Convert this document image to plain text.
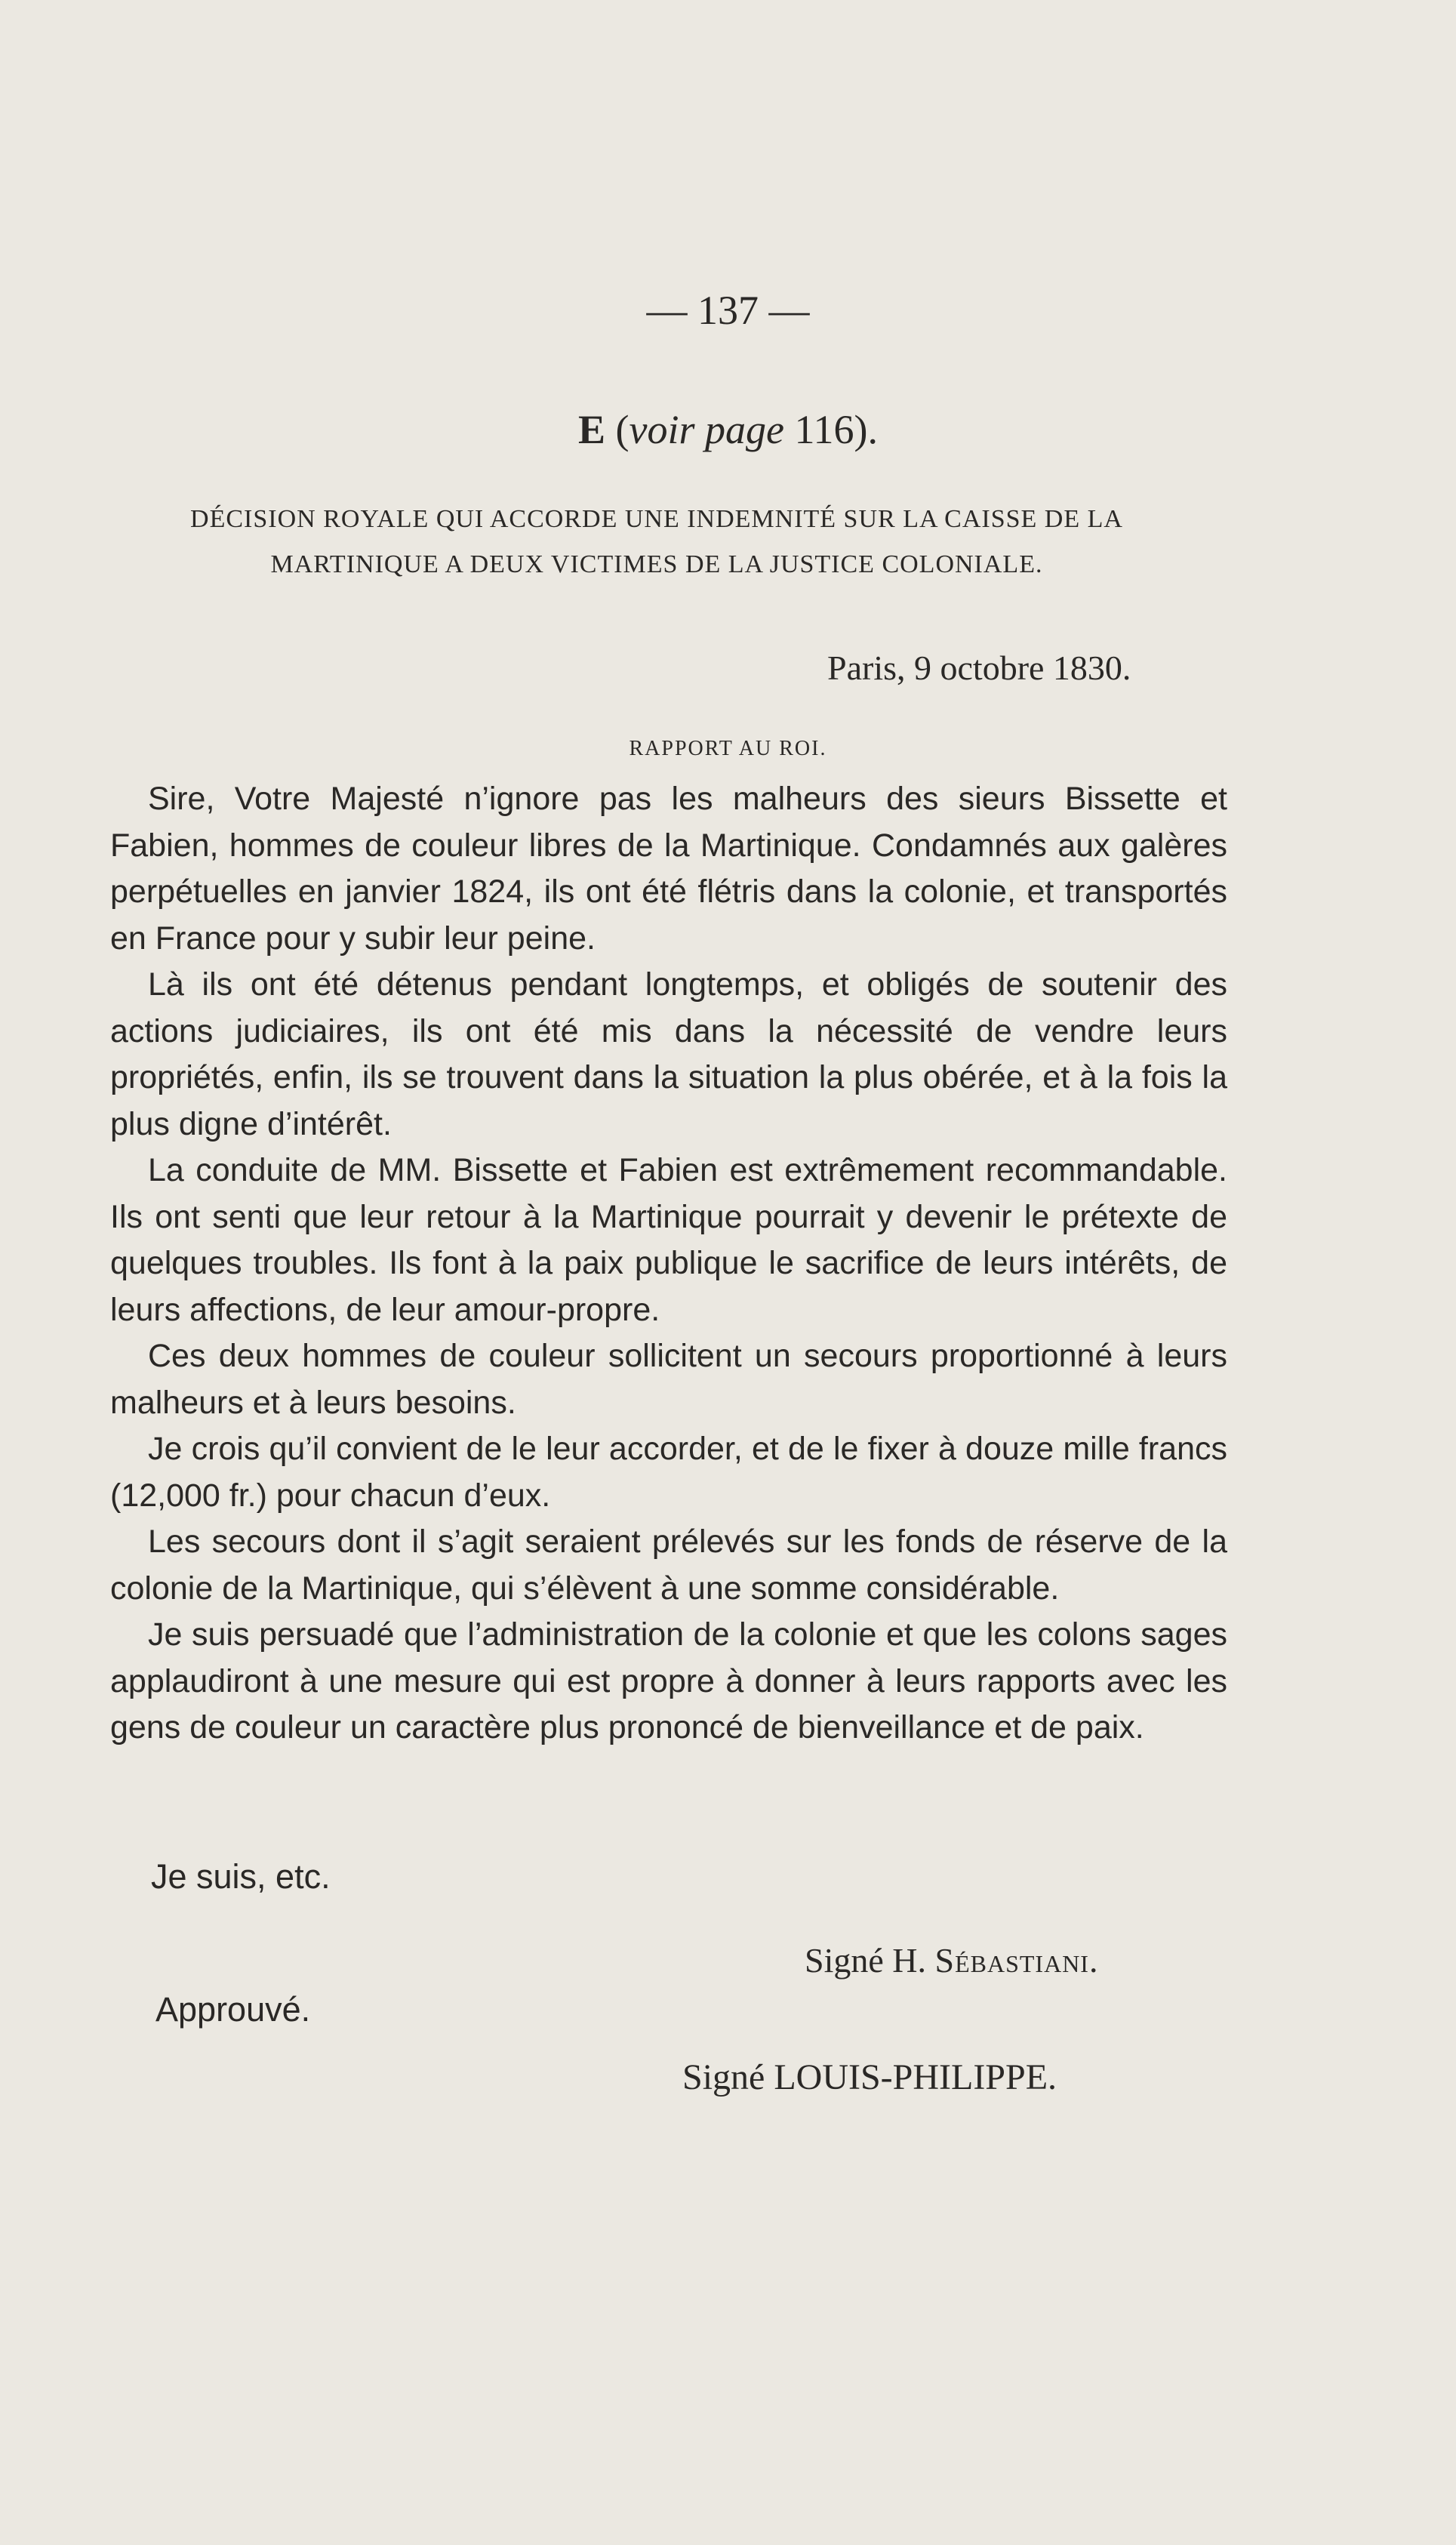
— 137 —
E (voir page 116).
DÉCISION ROYALE QUI ACCORDE UNE INDEMNITÉ SUR LA CAISSE DE LA MARTINIQUE A DEUX VICTIMES DE LA JUSTICE COLONIALE.
Paris, 9 octobre 1830.
RAPPORT AU ROI.

Sire, Votre Majesté n’ignore pas les malheurs des sieurs Bissette et Fabien, hommes de couleur libres de la Martinique. Condamnés aux galères perpétuelles en janvier 1824, ils ont été flétris dans la colonie, et transportés en France pour y subir leur peine.

Là ils ont été détenus pendant longtemps, et obligés de soutenir des actions judiciaires, ils ont été mis dans la nécessité de vendre leurs propriétés, enfin, ils se trouvent dans la situation la plus obérée, et à la fois la plus digne d’intérêt.

La conduite de MM. Bissette et Fabien est extrêmement recommandable. Ils ont senti que leur retour à la Martinique pourrait y devenir le prétexte de quelques troubles. Ils font à la paix publique le sacrifice de leurs intérêts, de leurs affections, de leur amour-propre.

Ces deux hommes de couleur sollicitent un secours proportionné à leurs malheurs et à leurs besoins.

Je crois qu’il convient de le leur accorder, et de le fixer à douze mille francs (12,000 fr.) pour chacun d’eux.

Les secours dont il s’agit seraient prélevés sur les fonds de réserve de la colonie de la Martinique, qui s’élèvent à une somme considérable.

Je suis persuadé que l’administration de la colonie et que les colons sages applaudiront à une mesure qui est propre à donner à leurs rapports avec les gens de couleur un caractère plus prononcé de bienveillance et de paix.

Je suis, etc.
Signé H. Sébastiani.
Approuvé.
Signé LOUIS-PHILIPPE.
